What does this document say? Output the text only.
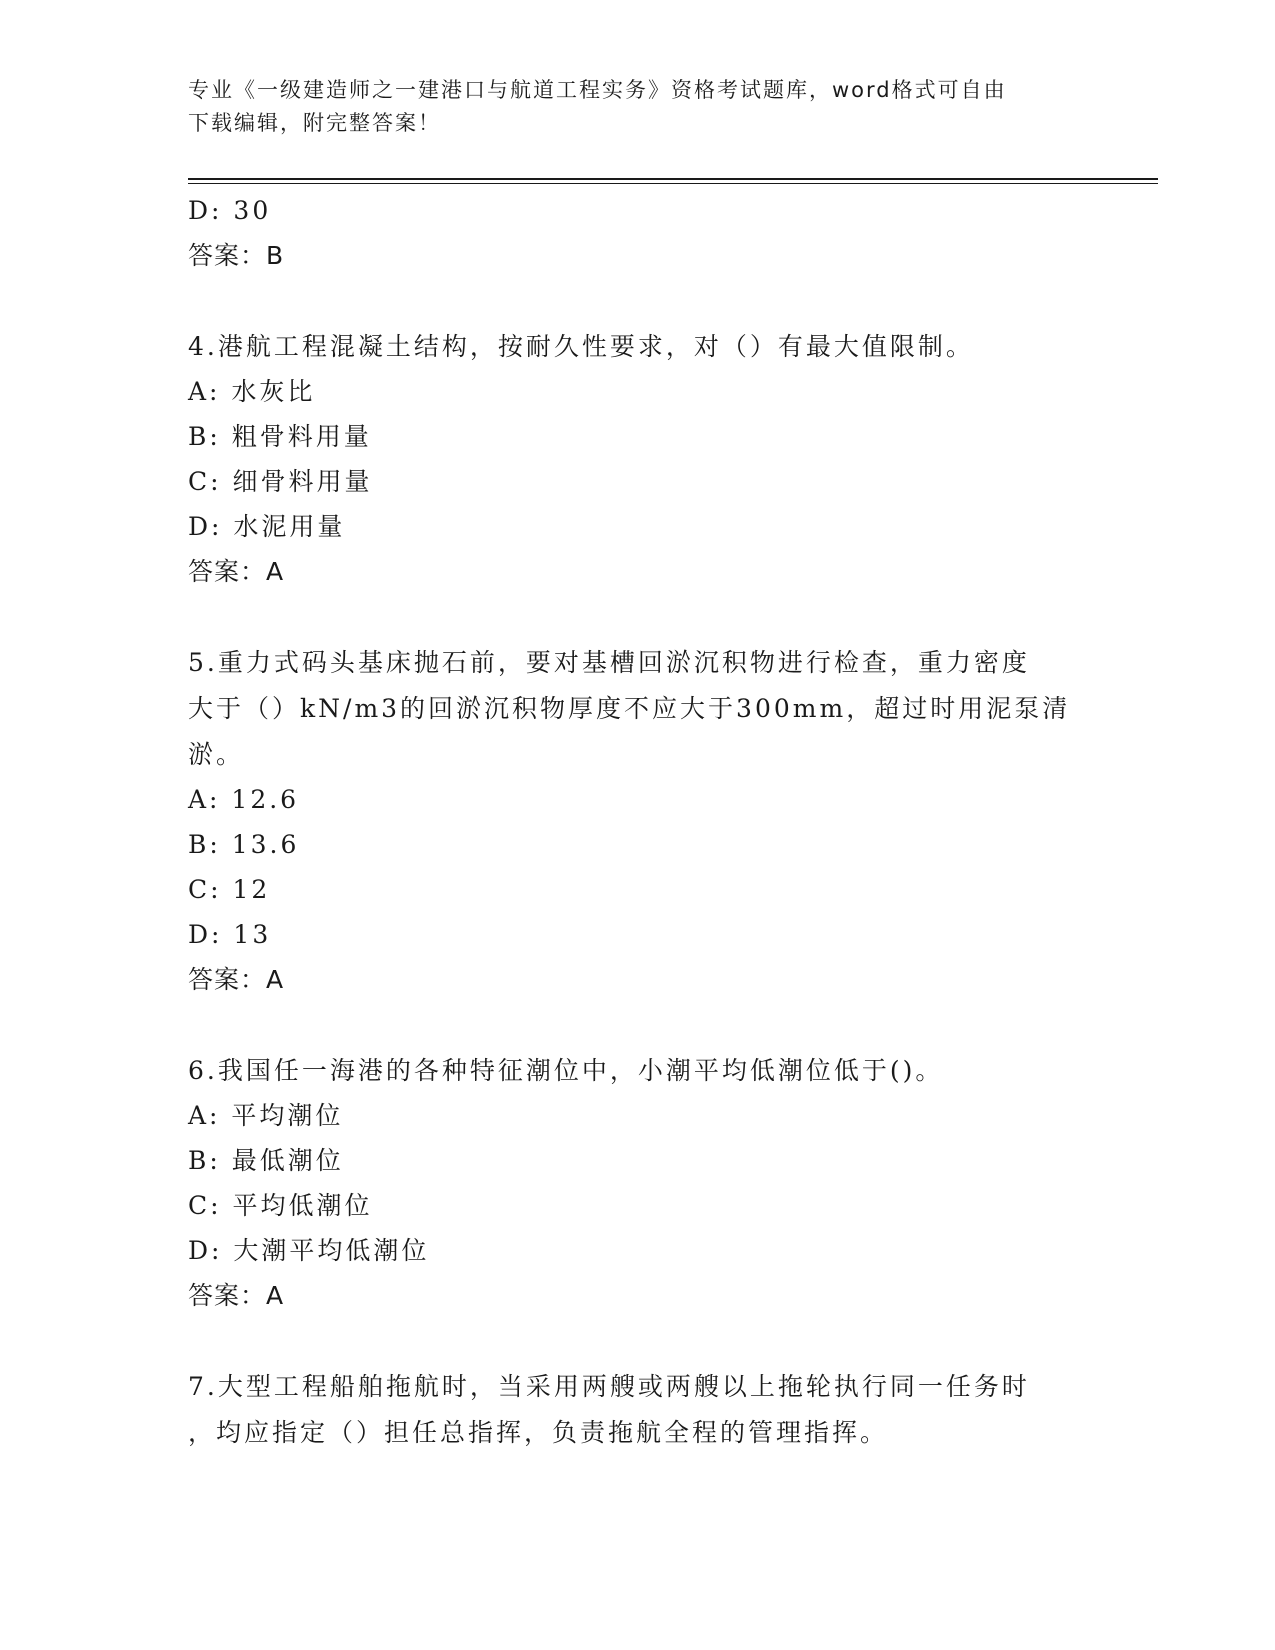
专业《一级建造师之一建港口与航道工程实务》资格考试题库，word格式可自由
下载编辑，附完整答案！
D: 30
答案：B
4.港航工程混凝土结构，按耐久性要求，对（）有最大值限制。
A: 水灰比
B: 粗骨料用量
C: 细骨料用量
D: 水泥用量
答案：A
5.重力式码头基床抛石前，要对基槽回淤沉积物进行检查，重力密度
大于（）kN/m3的回淤沉积物厚度不应大于300mm，超过时用泥泵清
淤。
A: 12.6
B: 13.6
C: 12
D: 13
答案：A
6.我国任一海港的各种特征潮位中，小潮平均低潮位低于()。
A: 平均潮位
B: 最低潮位
C: 平均低潮位
D: 大潮平均低潮位
答案：A
7.大型工程船舶拖航时，当采用两艘或两艘以上拖轮执行同一任务时
，均应指定（）担任总指挥，负责拖航全程的管理指挥。
